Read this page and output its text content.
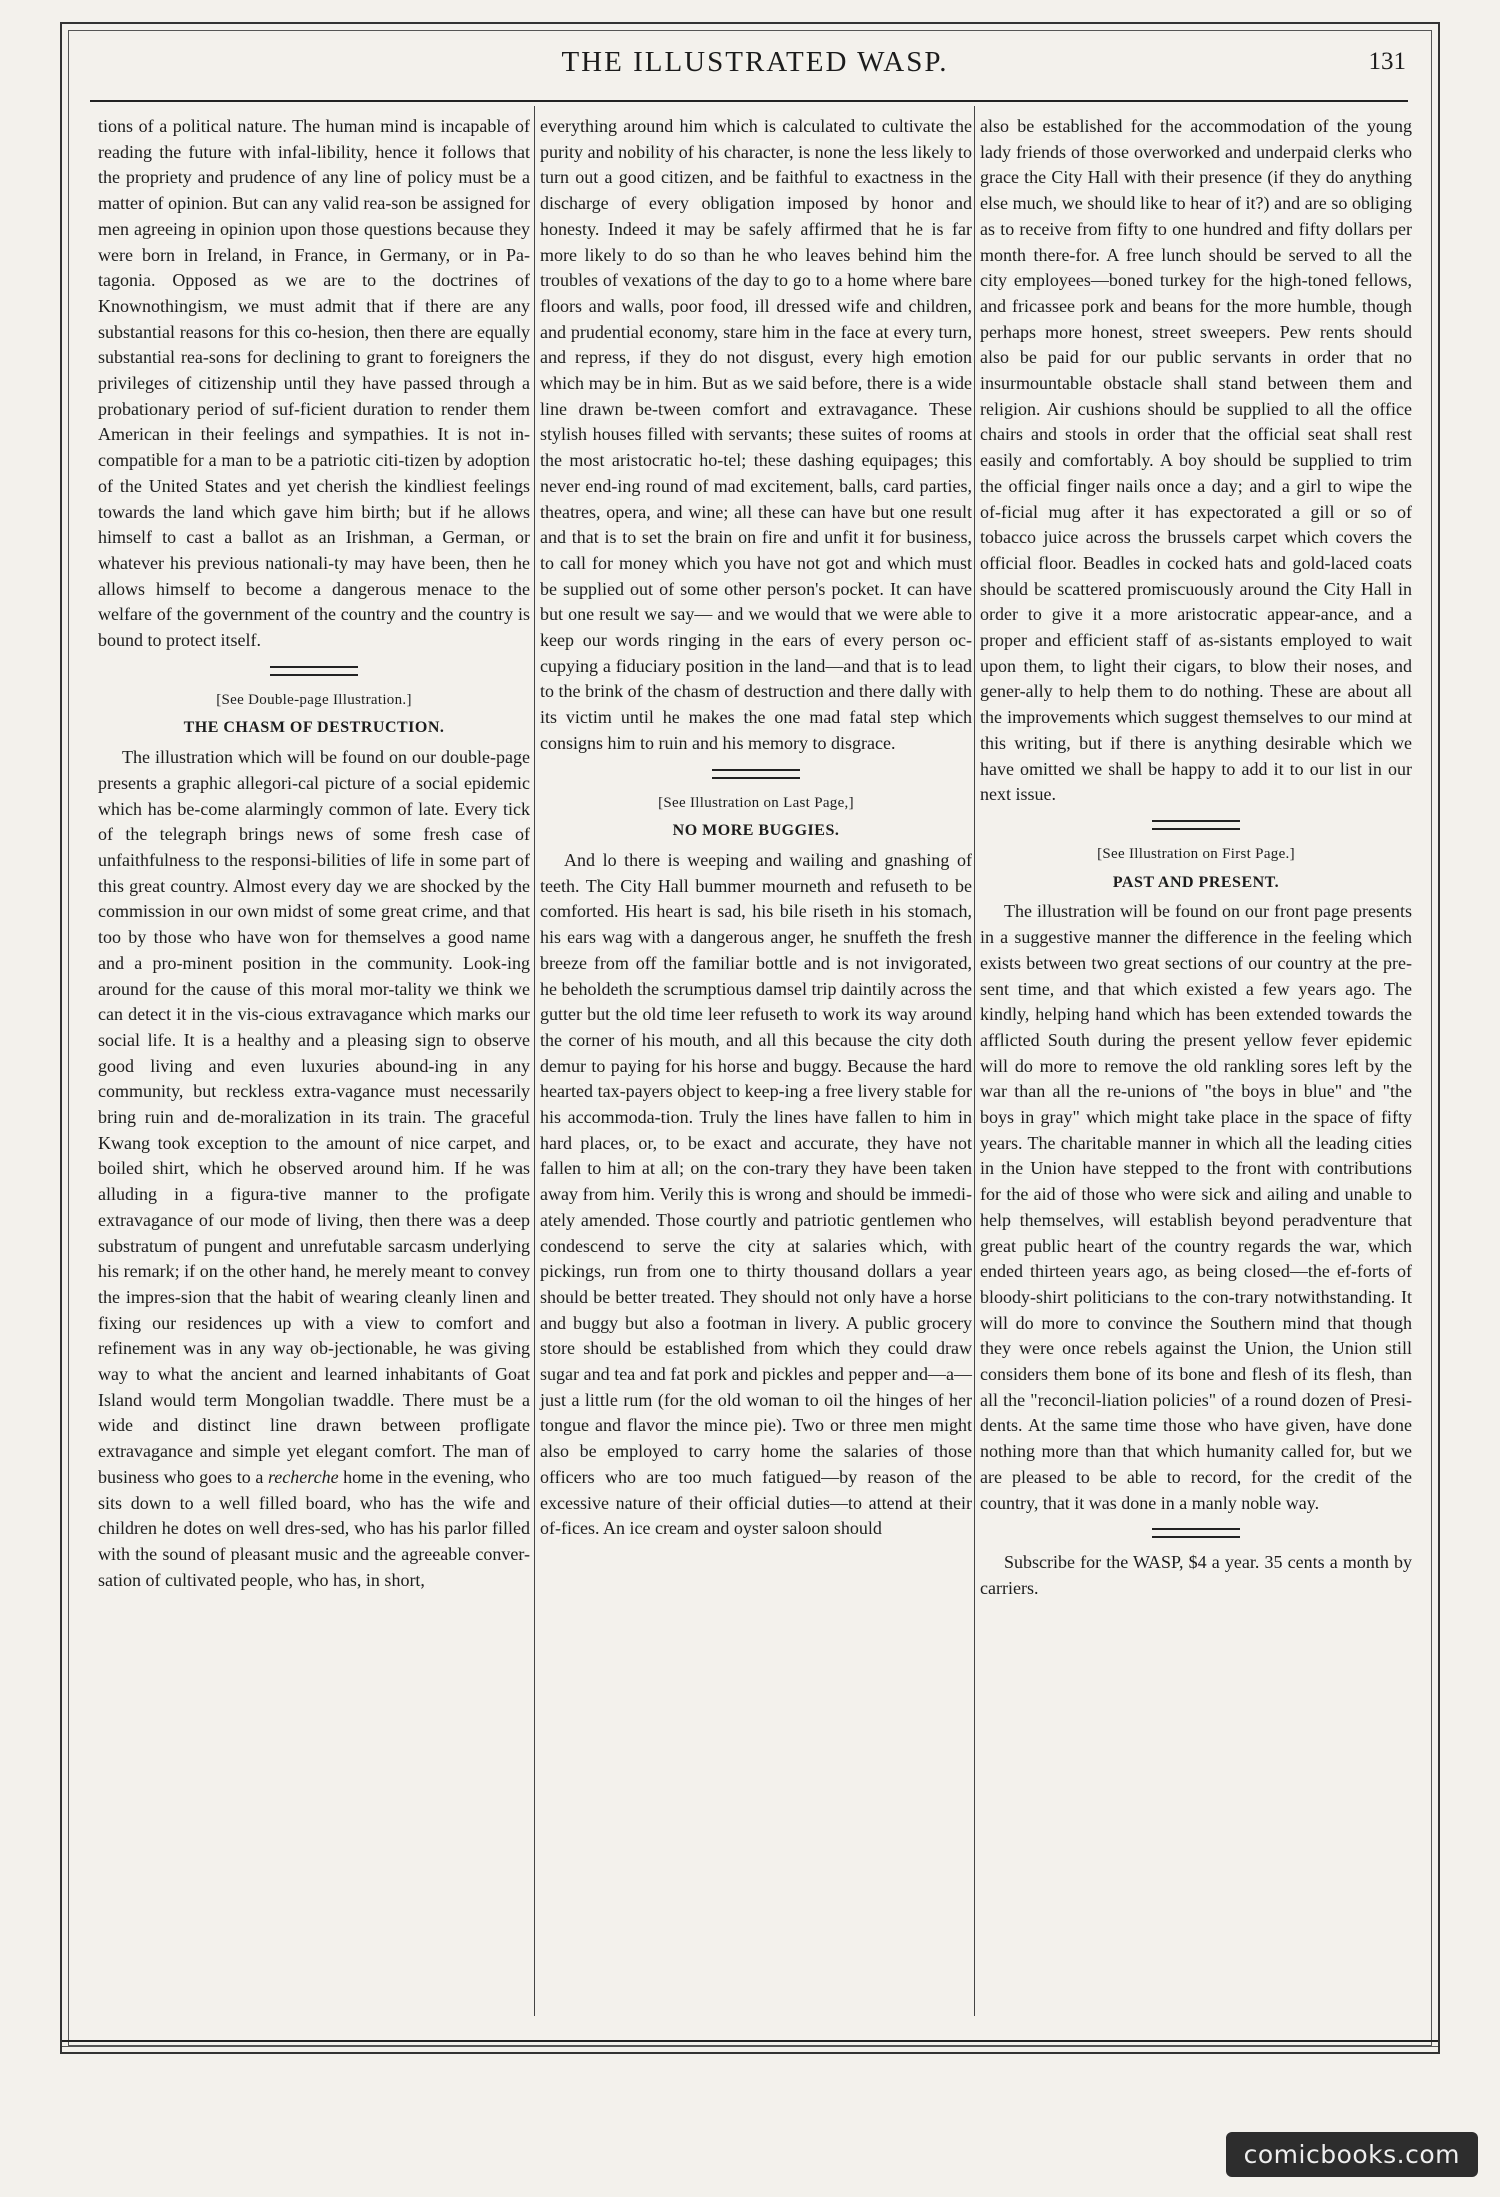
THE ILLUSTRATED WASP.	131

tions of a political nature. The human mind is incapable of reading the future with infal-libility, hence it follows that the propriety and prudence of any line of policy must be a matter of opinion. But can any valid rea-son be assigned for men agreeing in opinion upon those questions because they were born in Ireland, in France, in Germany, or in Pa-tagonia. Opposed as we are to the doctrines of Knownothingism, we must admit that if there are any substantial reasons for this co-hesion, then there are equally substantial rea-sons for declining to grant to foreigners the privileges of citizenship until they have passed through a probationary period of suf-ficient duration to render them American in their feelings and sympathies. It is not in-compatible for a man to be a patriotic citi-tizen by adoption of the United States and yet cherish the kindliest feelings towards the land which gave him birth; but if he allows himself to cast a ballot as an Irishman, a German, or whatever his previous nationali-ty may have been, then he allows himself to become a dangerous menace to the welfare of the government of the country and the country is bound to protect itself.

[See Double-page Illustration.]
THE CHASM OF DESTRUCTION.

The illustration which will be found on our double-page presents a graphic allegori-cal picture of a social epidemic which has be-come alarmingly common of late. Every tick of the telegraph brings news of some fresh case of unfaithfulness to the responsi-bilities of life in some part of this great country. Almost every day we are shocked by the commission in our own midst of some great crime, and that too by those who have won for themselves a good name and a pro-minent position in the community. Look-ing around for the cause of this moral mor-tality we think we can detect it in the vis-cious extravagance which marks our social life. It is a healthy and a pleasing sign to observe good living and even luxuries abound-ing in any community, but reckless extra-vagance must necessarily bring ruin and de-moralization in its train. The graceful Kwang took exception to the amount of nice carpet, and boiled shirt, which he observed around him. If he was alluding in a figura-tive manner to the profigate extravagance of our mode of living, then there was a deep substratum of pungent and unrefutable sarcasm underlying his remark; if on the other hand, he merely meant to convey the impres-sion that the habit of wearing cleanly linen and fixing our residences up with a view to comfort and refinement was in any way ob-jectionable, he was giving way to what the ancient and learned inhabitants of Goat Island would term Mongolian twaddle. There must be a wide and distinct line drawn between profligate extravagance and simple yet elegant comfort. The man of business who goes to a recherche home in the evening, who sits down to a well filled board, who has the wife and children he dotes on well dres-sed, who has his parlor filled with the sound of pleasant music and the agreeable conver-sation of cultivated people, who has, in short,

everything around him which is calculated to cultivate the purity and nobility of his character, is none the less likely to turn out a good citizen, and be faithful to exactness in the discharge of every obligation imposed by honor and honesty. Indeed it may be safely affirmed that he is far more likely to do so than he who leaves behind him the troubles of vexations of the day to go to a home where bare floors and walls, poor food, ill dressed wife and children, and prudential economy, stare him in the face at every turn, and repress, if they do not disgust, every high emotion which may be in him. But as we said before, there is a wide line drawn be-tween comfort and extravagance. These stylish houses filled with servants; these suites of rooms at the most aristocratic ho-tel; these dashing equipages; this never end-ing round of mad excitement, balls, card parties, theatres, opera, and wine; all these can have but one result and that is to set the brain on fire and unfit it for business, to call for money which you have not got and which must be supplied out of some other person's pocket. It can have but one result we say— and we would that we were able to keep our words ringing in the ears of every person oc-cupying a fiduciary position in the land—and that is to lead to the brink of the chasm of destruction and there dally with its victim until he makes the one mad fatal step which consigns him to ruin and his memory to disgrace.

[See Illustration on Last Page,]
NO MORE BUGGIES.

And lo there is weeping and wailing and gnashing of teeth. The City Hall bummer mourneth and refuseth to be comforted. His heart is sad, his bile riseth in his stomach, his ears wag with a dangerous anger, he snuffeth the fresh breeze from off the familiar bottle and is not invigorated, he beholdeth the scrumptious damsel trip daintily across the gutter but the old time leer refuseth to work its way around the corner of his mouth, and all this because the city doth demur to paying for his horse and buggy. Because the hard hearted tax-payers object to keep-ing a free livery stable for his accommoda-tion. Truly the lines have fallen to him in hard places, or, to be exact and accurate, they have not fallen to him at all; on the con-trary they have been taken away from him. Verily this is wrong and should be immedi-ately amended. Those courtly and patriotic gentlemen who condescend to serve the city at salaries which, with pickings, run from one to thirty thousand dollars a year should be better treated. They should not only have a horse and buggy but also a footman in livery. A public grocery store should be established from which they could draw sugar and tea and fat pork and pickles and pepper and—a—just a little rum (for the old woman to oil the hinges of her tongue and flavor the mince pie). Two or three men might also be employed to carry home the salaries of those officers who are too much fatigued—by reason of the excessive nature of their official duties—to attend at their of-fices. An ice cream and oyster saloon should

also be established for the accommodation of the young lady friends of those overworked and underpaid clerks who grace the City Hall with their presence (if they do anything else much, we should like to hear of it?) and are so obliging as to receive from fifty to one hundred and fifty dollars per month there-for. A free lunch should be served to all the city employees—boned turkey for the high-toned fellows, and fricassee pork and beans for the more humble, though perhaps more honest, street sweepers. Pew rents should also be paid for our public servants in order that no insurmountable obstacle shall stand between them and religion. Air cushions should be supplied to all the office chairs and stools in order that the official seat shall rest easily and comfortably. A boy should be supplied to trim the official finger nails once a day; and a girl to wipe the of-ficial mug after it has expectorated a gill or so of tobacco juice across the brussels carpet which covers the official floor. Beadles in cocked hats and gold-laced coats should be scattered promiscuously around the City Hall in order to give it a more aristocratic appear-ance, and a proper and efficient staff of as-sistants employed to wait upon them, to light their cigars, to blow their noses, and gener-ally to help them to do nothing. These are about all the improvements which suggest themselves to our mind at this writing, but if there is anything desirable which we have omitted we shall be happy to add it to our list in our next issue.

[See Illustration on First Page.]
PAST AND PRESENT.

The illustration will be found on our front page presents in a suggestive manner the difference in the feeling which exists between two great sections of our country at the pre-sent time, and that which existed a few years ago. The kindly, helping hand which has been extended towards the afflicted South during the present yellow fever epidemic will do more to remove the old rankling sores left by the war than all the re-unions of "the boys in blue" and "the boys in gray" which might take place in the space of fifty years. The charitable manner in which all the leading cities in the Union have stepped to the front with contributions for the aid of those who were sick and ailing and unable to help themselves, will establish beyond peradventure that great public heart of the country regards the war, which ended thirteen years ago, as being closed—the ef-forts of bloody-shirt politicians to the con-trary notwithstanding. It will do more to convince the Southern mind that though they were once rebels against the Union, the Union still considers them bone of its bone and flesh of its flesh, than all the "reconcil-liation policies" of a round dozen of Presi-dents. At the same time those who have given, have done nothing more than that which humanity called for, but we are pleased to be able to record, for the credit of the country, that it was done in a manly noble way.

Subscribe for the WASP, $4 a year. 35 cents a month by carriers.

comicbooks.com
